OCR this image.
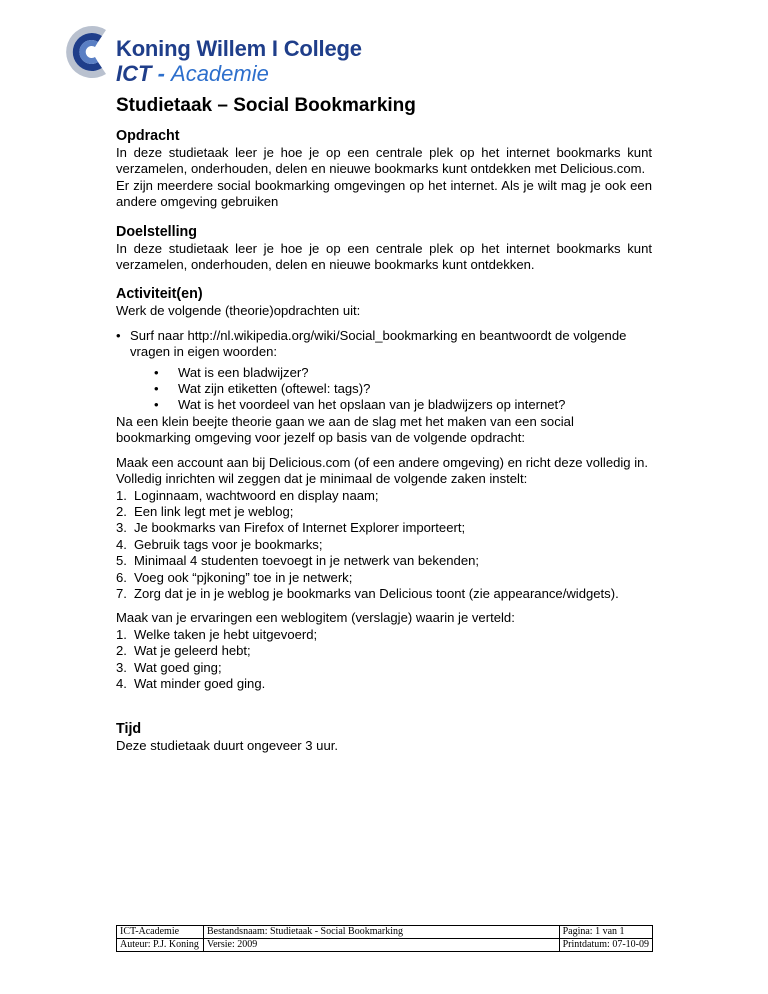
Koning Willem I College
ICT - Academie
Studietaak – Social Bookmarking
Opdracht

In deze studietaak leer je hoe je op een centrale plek op het internet bookmarks kunt verzamelen, onderhouden, delen en nieuwe bookmarks kunt ontdekken met Delicious.com.

Er zijn meerdere social bookmarking omgevingen op het internet. Als je wilt mag je ook een andere omgeving gebruiken

Doelstelling

In deze studietaak leer je hoe je op een centrale plek op het internet bookmarks kunt verzamelen, onderhouden, delen en nieuwe bookmarks kunt ontdekken.

Activiteit(en)

Werk de volgende (theorie)opdrachten uit:

• Surf naar http://nl.wikipedia.org/wiki/Social_bookmarking en beantwoordt de volgende vragen in eigen woorden:
• Wat is een bladwijzer?
• Wat zijn etiketten (oftewel: tags)?
• Wat is het voordeel van het opslaan van je bladwijzers op internet?

Na een klein beejte theorie gaan we aan de slag met het maken van een social bookmarking omgeving voor jezelf op basis van de volgende opdracht:

Maak een account aan bij Delicious.com (of een andere omgeving) en richt deze volledig in. Volledig inrichten wil zeggen dat je minimaal de volgende zaken instelt:

1. Loginnaam, wachtwoord en display naam;
2. Een link legt met je weblog;
3. Je bookmarks van Firefox of Internet Explorer importeert;
4. Gebruik tags voor je bookmarks;
5. Minimaal 4 studenten toevoegt in je netwerk van bekenden;
6. Voeg ook “pjkoning” toe in je netwerk;
7. Zorg dat je in je weblog je bookmarks van Delicious toont (zie appearance/widgets).

Maak van je ervaringen een weblogitem (verslagje) waarin je verteld:

1. Welke taken je hebt uitgevoerd;
2. Wat je geleerd hebt;
3. Wat goed ging;
4. Wat minder goed ging.
Tijd

Deze studietaak duurt ongeveer 3 uur.

ICT-Academie	Bestandsnaam: Studietaak - Social Bookmarking	Pagina: 1 van 1
Auteur: P.J. Koning	Versie: 2009	Printdatum: 07-10-09
